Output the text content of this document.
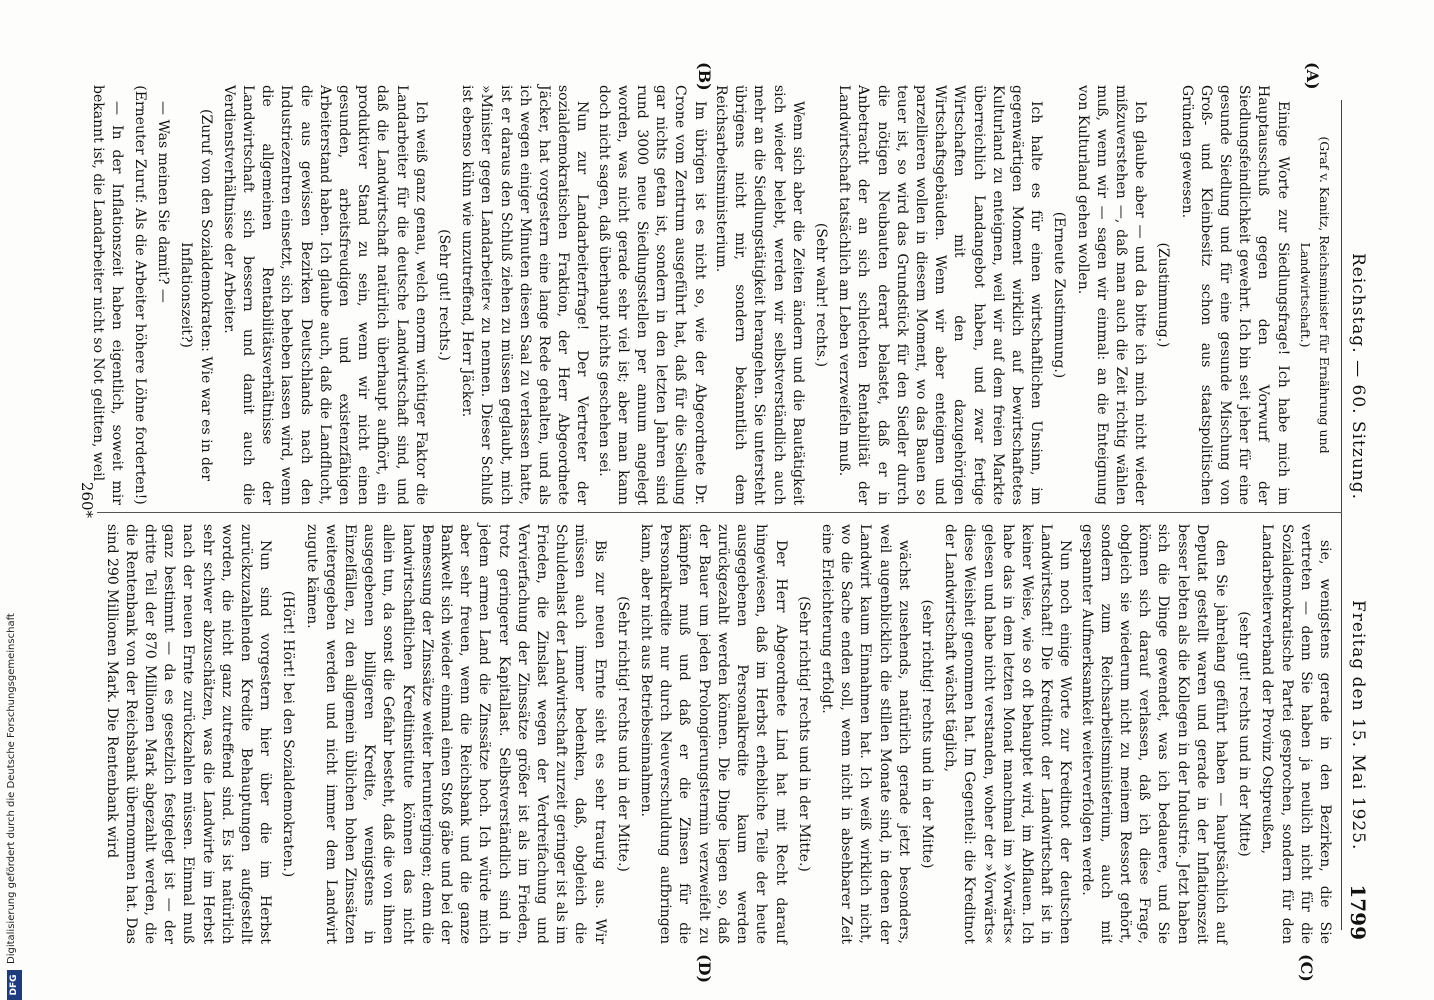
Reichstag. — 60. Sitzung.
Freitag den 15. Mai 1925.
1799
(A)
(B)
(C)
(D)

(Graf v. Kanitz, Reichsminister für Ernährung und Landwirtschaft.)

Einige Worte zur Siedlungsfrage! Ich habe mich im Hauptausschuß gegen den Vorwurf der Siedlungsfeindlichkeit gewehrt. Ich bin seit jeher für eine gesunde Siedlung und für eine gesunde Mischung von Groß- und Kleinbesitz schon aus staatspolitischen Gründen gewesen.

(Zustimmung.)

Ich glaube aber — und da bitte ich mich nicht wieder mißzuverstehen —, daß man auch die Zeit richtig wählen muß, wenn wir — sagen wir einmal: an die Enteignung von Kulturland gehen wollen.

(Erneute Zustimmung.)

Ich halte es für einen wirtschaftlichen Unsinn, im gegenwärtigen Moment wirklich auf bewirtschaftetes Kulturland zu enteignen, weil wir auf dem freien Markte überreichlich Landangebot haben, und zwar fertige Wirtschaften mit den dazugehörigen Wirtschaftsgebäuden. Wenn wir aber enteignen und parzellieren wollen in diesem Moment, wo das Bauen so teuer ist, so wird das Grundstück für den Siedler durch die nötigen Neubauten derart belastet, daß er in Anbetracht der an sich schlechten Rentabilität der Landwirtschaft tatsächlich am Leben verzweifeln muß.

(Sehr wahr! rechts.)

Wenn sich aber die Zeiten ändern und die Bautätigkeit sich wieder belebt, werden wir selbstverständlich auch mehr an die Siedlungstätigkeit herangehen. Sie untersteht übrigens nicht mir, sondern bekanntlich dem Reichsarbeitsministerium.

Im übrigen ist es nicht so, wie der Abgeordnete Dr. Crone vom Zentrum ausgeführt hat, daß für die Siedlung gar nichts getan ist, sondern in den letzten Jahren sind rund 3000 neue Siedlungsstellen per annum angelegt worden, was nicht gerade sehr viel ist; aber man kann doch nicht sagen, daß überhaupt nichts geschehen sei.

Nun zur Landarbeiterfrage! Der Vertreter der sozialdemokratischen Fraktion, der Herr Abgeordnete Jäcker, hat vorgestern eine lange Rede gehalten, und als ich wegen einiger Minuten diesen Saal zu verlassen hatte, ist er daraus den Schluß ziehen zu müssen geglaubt, mich »Minister gegen Landarbeiter« zu nennen. Dieser Schluß ist ebenso kühn wie unzutreffend, Herr Jäcker.

(Sehr gut! rechts.)

Ich weiß ganz genau, welch enorm wichtiger Faktor die Landarbeiter für die deutsche Landwirtschaft sind, und daß die Landwirtschaft natürlich überhaupt aufhört, ein produktiver Stand zu sein, wenn wir nicht einen gesunden, arbeitsfreudigen und existenzfähigen Arbeiterstand haben. Ich glaube auch, daß die Landflucht, die aus gewissen Bezirken Deutschlands nach den Industriezentren einsetzt, sich beheben lassen wird, wenn die allgemeinen Rentabilitätsverhältnisse der Landwirtschaft sich bessern und damit auch die Verdienstverhältnisse der Arbeiter.

(Zuruf von den Sozialdemokraten: Wie war es in der Inflationszeit?)

— Was meinen Sie damit? —

(Erneuter Zuruf: Als die Arbeiter höhere Löhne forderten!)

— In der Inflationszeit haben eigentlich, soweit mir bekannt ist, die Landarbeiter nicht so Not gelitten, weil

sie, wenigstens gerade in den Bezirken, die Sie vertreten — denn Sie haben ja neulich nicht für die Sozialdemokratische Partei gesprochen, sondern für den Landarbeiterverband der Provinz Ostpreußen,

(sehr gut! rechts und in der Mitte)

den Sie jahrelang geführt haben — hauptsächlich auf Deputat gestellt waren und gerade in der Inflationszeit besser lebten als die Kollegen in der Industrie. Jetzt haben sich die Dinge gewendet, was ich bedauere, und Sie können sich darauf verlassen, daß ich diese Frage, obgleich sie wiederum nicht zu meinem Ressort gehört, sondern zum Reichsarbeitsministerium, auch mit gespannter Aufmerksamkeit weiterverfolgen werde.

Nun noch einige Worte zur Kreditnot der deutschen Landwirtschaft! Die Kreditnot der Landwirtschaft ist in keiner Weise, wie so oft behauptet wird, im Abflauen. Ich habe das in dem letzten Monat manchmal im »Vorwärts« gelesen und habe nicht verstanden, woher der »Vorwärts« diese Weisheit genommen hat. Im Gegenteil: die Kreditnot der Landwirtschaft wächst täglich,

(sehr richtig! rechts und in der Mitte)

wächst zusehends, natürlich gerade jetzt besonders, weil augenblicklich die stillen Monate sind, in denen der Landwirt kaum Einnahmen hat. Ich weiß wirklich nicht, wo die Sache enden soll, wenn nicht in absehbarer Zeit eine Erleichterung erfolgt.

(Sehr richtig! rechts und in der Mitte.)

Der Herr Abgeordnete Lind hat mit Recht darauf hingewiesen, daß im Herbst erhebliche Teile der heute ausgegebenen Personalkredite kaum werden zurückgezahlt werden können. Die Dinge liegen so, daß der Bauer um jeden Prolongierungstermin verzweifelt zu kämpfen muß und daß er die Zinsen für die Personalkredite nur durch Neuverschuldung aufbringen kann, aber nicht aus Betriebseinnahmen.

(Sehr richtig! rechts und in der Mitte.)

Bis zur neuen Ernte sieht es sehr traurig aus. Wir müssen auch immer bedenken, daß, obgleich die Schuldenlast der Landwirtschaft zurzeit geringer ist als im Frieden, die Zinslast wegen der Verdreifachung und Vervierfachung der Zinssätze größer ist als im Frieden, trotz geringerer Kapitallast. Selbstverständlich sind in jedem armen Land die Zinssätze hoch. Ich würde mich aber sehr freuen, wenn die Reichsbank und die ganze Bankwelt sich wieder einmal einen Stoß gäbe und bei der Bemessung der Zinssätze weiter heruntergingen; denn die landwirtschaftlichen Kreditinstitute können das nicht allein tun, da sonst die Gefahr besteht, daß die von ihnen ausgegebenen billigeren Kredite, wenigstens in Einzelfällen, zu den allgemein üblichen hohen Zinssätzen weitergegeben werden und nicht immer dem Landwirt zugute kämen.

(Hört! Hört! bei den Sozialdemokraten.)

Nun sind vorgestern hier über die im Herbst zurückzuzahlenden Kredite Behauptungen aufgestellt worden, die nicht ganz zutreffend sind. Es ist natürlich sehr schwer abzuschätzen, was die Landwirte im Herbst nach der neuen Ernte zurückzahlen müssen. Einmal muß ganz bestimmt — da es gesetzlich festgelegt ist — der dritte Teil der 870 Millionen Mark abgezahlt werden, die die Rentenbank von der Reichsbank übernommen hat. Das sind 290 Millionen Mark. Die Rentenbank wird

260*
DFG
Digitalisierung gefördert durch die Deutsche Forschungsgemeinschaft
